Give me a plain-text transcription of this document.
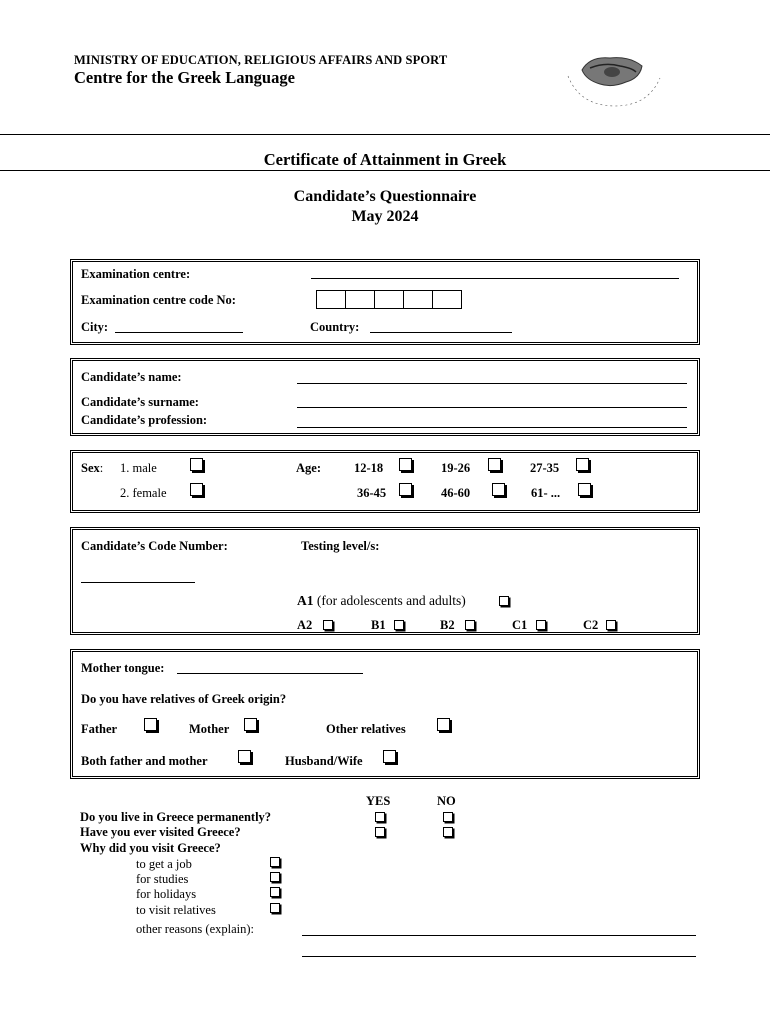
MINISTRY OF EDUCATION, RELIGIOUS AFFAIRS AND SPORT
Centre for the Greek Language
Certificate of Attainment in Greek
Candidate’s Questionnaire
May 2024
Examination centre:
Examination centre code No:
City:	Country:
Candidate’s name:
Candidate’s surname:
Candidate’s profession:
Sex: 1. male
2. female
Age:	12-18	19-26	27-35
36-45	46-60	61- ...
Candidate’s Code Number:	Testing level/s:
A1 (for adolescents and adults)
A2	B1	B2	C1	C2
Mother tongue:
Do you have relatives of Greek origin?
Father	Mother	Other relatives
Both father and mother	Husband/Wife
YES	NO
Do you live in Greece permanently?
Have you ever visited Greece?
Why did you visit Greece?
to get a job
for studies
for holidays
to visit relatives
other reasons (explain):
